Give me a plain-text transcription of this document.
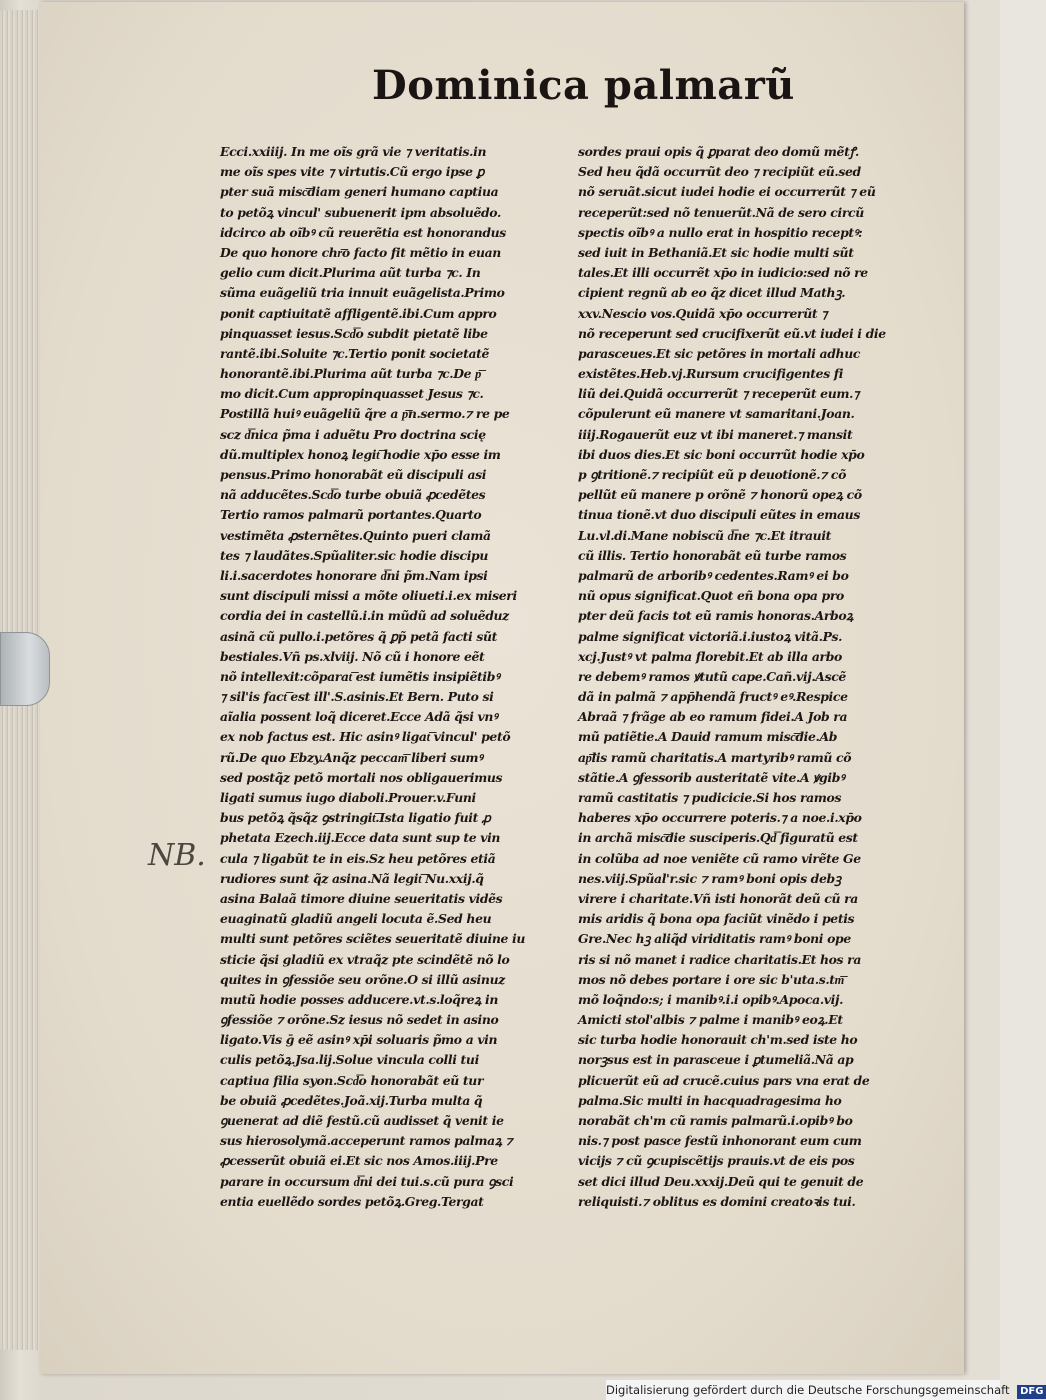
Dominica palmarũ
Ecci.xxiiij. In me oĩs grã vie ⁊ veritatis.in
me oĩs spes vite ⁊ virtutis.Cũ ergo ipse ꝑ
pter suã misc͞diam generi humano captiua
to petõꝝ vincul' subuenerit ipm absoluẽdo.
idcirco ab oĩbꝰ cũ reuerẽtia est honorandus
De quo honore chr͞o facto fit mẽtio in euan
gelio cum dicit.Plurima aũt turba ⁊c. In
sũma euãgeliũ tria innuit euãgelista.Primo
ponit captiuitatẽ affligentẽ.ibi.Cum appro
pinquasset iesus.Scd͞o subdit pietatẽ libe
rantẽ.ibi.Soluite ⁊c.Tertio ponit societatẽ
honorantẽ.ibi.Plurima aũt turba ⁊c.De p͞
mo dicit.Cum appropinquasset Jesus ⁊c.
Postillã huiꝰ euãgeliũ q̃re a p͞n.sermo.⁊ re pe
scz d͞nica p̃ma i aduẽtu Pro doctrina scię
dũ.multiplex honoꝝ legit͞ hodie xp̄o esse im
pensus.Primo honorabãt eũ discipuli asi
nã adducẽtes.Scd͞o turbe obuiã ꝓcedẽtes
Tertio ramos palmarũ portantes.Quarto
vestimẽta ꝓsternẽtes.Quinto pueri clamã
tes ⁊ laudãtes.Spũaliter.sic hodie discipu
li.i.sacerdotes honorare d͞ni p̃m.Nam ipsi
sunt discipuli missi a mõte oliueti.i.ex miseri
cordia dei in castellũ.i.in mũdũ ad soluẽduz
asinã cũ pullo.i.petõres q̃ ꝑp̃ petã facti sũt
bestiales.Vñ ps.xlviij. Nõ cũ i honore eẽt
nõ intellexit:cõparat͞ est iumẽtis insipiẽtibꝰ
⁊ sil'is fact͞ est ill'.S.asinis.Et Bern. Puto si
aĩalia possent loq̃ diceret.Ecce Adã q̃si vnꝰ
ex nob factus est. Hic asinꝰ ligat͞ vincul' petõ
rũ.De quo Ebzy.Anq̃z peccam͞ liberi sumꝰ
sed postq̃z petõ mortali nos obligauerimus
ligati sumus iugo diaboli.Prouer.v.Funi
bus petõꝝ q̃sq̃z ꝯstringit͞.Ista ligatio fuit ꝓ
phetata Ezech.iij.Ecce data sunt sup te vin
cula ⁊ ligabũt te in eis.Sz heu petõres etiã
rudiores sunt q̃z asina.Nã legit͞ Nu.xxij.q̃
asina Balaã timore diuine seueritatis vidẽs
euaginatũ gladiũ angeli locuta ẽ.Sed heu
multi sunt petõres sciẽtes seueritatẽ diuine iu
sticie q̃si gladiũ ex vtraq̃z pte scindẽtẽ nõ lo
quites in ꝯfessiõe seu orõne.O si illũ asinuz
mutũ hodie posses adducere.vt.s.loq̃reꝝ in
ꝯfessiõe ⁊ orõne.Sz iesus nõ sedet in asino
ligato.Vis ḡ eẽ asinꝰ xp̄i soluaris p̃mo a vin
culis petõꝝ.Jsa.lij.Solue vincula colli tui
captiua filia syon.Scd͞o honorabãt eũ tur
be obuiã ꝓcedẽtes.Joã.xij.Turba multa q̃
ꝯuenerat ad diẽ festũ.cũ audisset q̃ venit ie
sus hierosolymã.acceperunt ramos palmaꝝ ⁊
ꝓcesserũt obuiã ei.Et sic nos Amos.iiij.Pre
parare in occursum d͞ni dei tui.s.cũ pura ꝯsci
entia euellẽdo sordes petõꝝ.Greg.Tergat
sordes praui opis q̃ ꝑparat deo domũ mẽtꝭ.
Sed heu q̃dã occurrũt deo ⁊ recipiũt eũ.sed
nõ seruãt.sicut iudei hodie ei occurrerũt ⁊ eũ
receperũt:sed nõ tenuerũt.Nã de sero circũ
spectis oĩbꝰ a nullo erat in hospitio receptꝰ:
sed iuit in Bethaniã.Et sic hodie multi sũt
tales.Et illi occurrẽt xp̄o in iudicio:sed nõ re
cipient regnũ ab eo q̃z dicet illud Mathꝫ.
xxv.Nescio vos.Quidã xp̄o occurrerũt ⁊
nõ receperunt sed crucifixerũt eũ.vt iudei i die
parasceues.Et sic petõres in mortali adhuc
existẽtes.Heb.vj.Rursum crucifigentes fi
liũ dei.Quidã occurrerũt ⁊ receperũt eum.⁊
cõpulerunt eũ manere vt samaritani.Joan.
iiij.Rogauerũt euz vt ibi maneret.⁊ mansit
ibi duos dies.Et sic boni occurrũt hodie xp̄o
p ꝯtritionẽ.⁊ recipiũt eũ p deuotionẽ.⁊ cõ
pellũt eũ manere p orõnẽ ⁊ honorũ opeꝝ cõ
tinua tionẽ.vt duo discipuli eũtes in emaus
Lu.vl.di.Mane nobiscũ d͞ne ⁊c.Et itrauit
cũ illis. Tertio honorabãt eũ turbe ramos
palmarũ de arboribꝰ cedentes.Ramꝰ ei bo
nũ opus significat.Quot eñ bona opa pro
pter deũ facis tot eũ ramis honoras.Arboꝝ
palme significat victoriã.i.iustoꝝ vitã.Ps.
xcj.Justꝰ vt palma florebit.Et ab illa arbo
re debemꝰ ramos ꝟtutũ cape.Cañ.vij.Ascẽ
dã in palmã ⁊ app̄hendã fructꝰ eꝰ.Respice
Abraã ⁊ frãge ab eo ramum fidei.A Job ra
mũ patiẽtie.A Dauid ramum misc͞die.Ab
ap͞lis ramũ charitatis.A martyribꝰ ramũ cõ
stãtie.A ꝯfessorib austeritatẽ vite.A ꝟgibꝰ
ramũ castitatis ⁊ pudicicie.Si hos ramos
haberes xp̄o occurrere poteris.⁊ a noe.i.xp̄o
in archã misc͞die susciperis.Qd͞ figuratũ est
in colũba ad noe veniẽte cũ ramo virẽte Ge
nes.viij.Spũal'r.sic ⁊ ramꝰ boni opis debꝫ
virere i charitate.Vñ isti honorãt deũ cũ ra
mis aridis q̃ bona opa faciũt vinẽdo i petis
Gre.Nec hꝫ aliq̃d viriditatis ramꝰ boni ope
ris si nõ manet i radice charitatis.Et hos ra
mos nõ debes portare i ore sic b'uta.s.tm͞
mõ loq̃ndo:s; i manibꝰ.i.i opibꝰ.Apoca.vij.
Amicti stol'albis ⁊ palme i manibꝰ eoꝝ.Et
sic turba hodie honorauit ch'm.sed iste ho
norꝫsus est in parasceue i ꝑtumeliã.Nã ap
plicuerũt eũ ad crucẽ.cuius pars vna erat de
palma.Sic multi in hacquadragesima ho
norabãt ch'm cũ ramis palmarũ.i.opibꝰ bo
nis.⁊ post pasce festũ inhonorant eum cum
vicijs ⁊ cũ ꝯcupiscẽtijs prauis.vt de eis pos
set dici illud Deu.xxxij.Deũ qui te genuit de
reliquisti.⁊ oblitus es domini creatoꝛis tui.
NB.
Digitalisierung gefördert durch die Deutsche Forschungsgemeinschaft DFG
